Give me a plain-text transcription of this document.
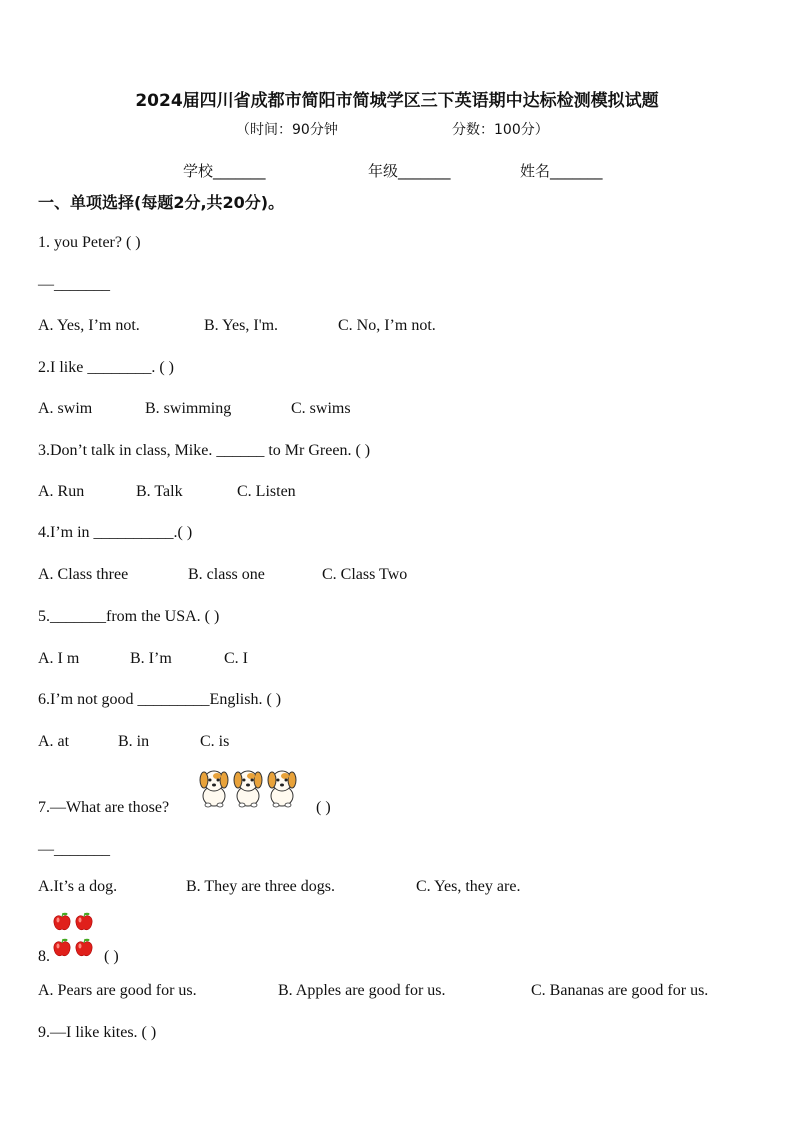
2024届四川省成都市简阳市简城学区三下英语期中达标检测模拟试题
（时间：90分钟	分数：100分）
学校_______	年级_______	姓名_______
一、单项选择(每题2分,共20分)。
1. you Peter? ( )
—_______
A. Yes, I’m not.	B. Yes, I'm.	C. No, I’m not.
2.I like ________. ( )
A. swim	B. swimming	C. swims
3.Don’t talk in class, Mike. ______ to Mr Green. ( )
A. Run	B. Talk	C. Listen
4.I’m in __________.( )
A. Class three	B. class one	C. Class Two
5._______from the USA. ( )
A. I m	B. I’m	C. I
6.I’m not good _________English. ( )
A. at	B. in	C. is
7.—What are those?	( )
—_______
A.It’s a dog.	B. They are three dogs.	C. Yes, they are.
8.	( )
A. Pears are good for us.	B. Apples are good for us.	C. Bananas are good for us.
9.—I like kites. ( )
